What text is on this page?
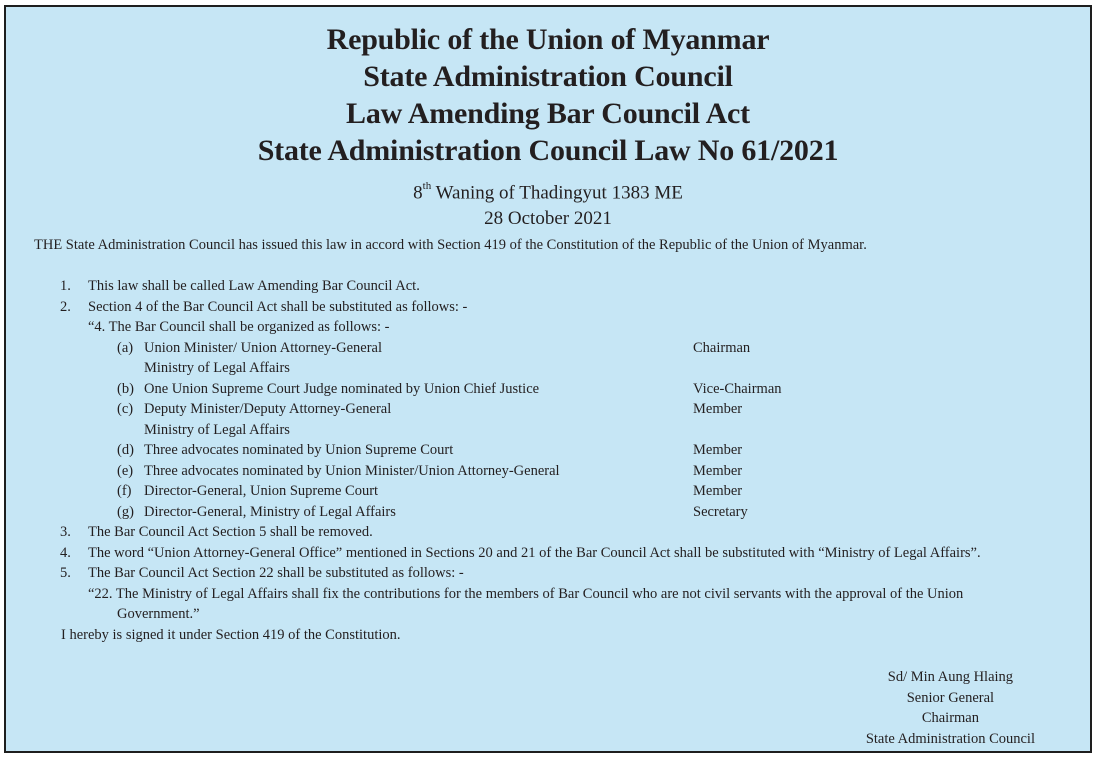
Republic of the Union of Myanmar
State Administration Council
Law Amending Bar Council Act
State Administration Council Law No 61/2021
8th Waning of Thadingyut 1383 ME
28 October 2021
THE State Administration Council has issued this law in accord with Section 419 of the Constitution of the Republic of the Union of Myanmar.
1. This law shall be called Law Amending Bar Council Act.
2. Section 4 of the Bar Council Act shall be substituted as follows: -
“4. The Bar Council shall be organized as follows: -
(a) Union Minister/ Union Attorney-General	Chairman
Ministry of Legal Affairs
(b) One Union Supreme Court Judge nominated by Union Chief Justice	Vice-Chairman
(c) Deputy Minister/Deputy Attorney-General	Member
Ministry of Legal Affairs
(d) Three advocates nominated by Union Supreme Court	Member
(e) Three advocates nominated by Union Minister/Union Attorney-General	Member
(f) Director-General, Union Supreme Court	Member
(g) Director-General, Ministry of Legal Affairs	Secretary
3. The Bar Council Act Section 5 shall be removed.
4. The word “Union Attorney-General Office” mentioned in Sections 20 and 21 of the Bar Council Act shall be substituted with “Ministry of Legal Affairs”.
5. The Bar Council Act Section 22 shall be substituted as follows: -
“22. The Ministry of Legal Affairs shall fix the contributions for the members of Bar Council who are not civil servants with the approval of the Union
Government.”
I hereby is signed it under Section 419 of the Constitution.
Sd/ Min Aung Hlaing
Senior General
Chairman
State Administration Council
